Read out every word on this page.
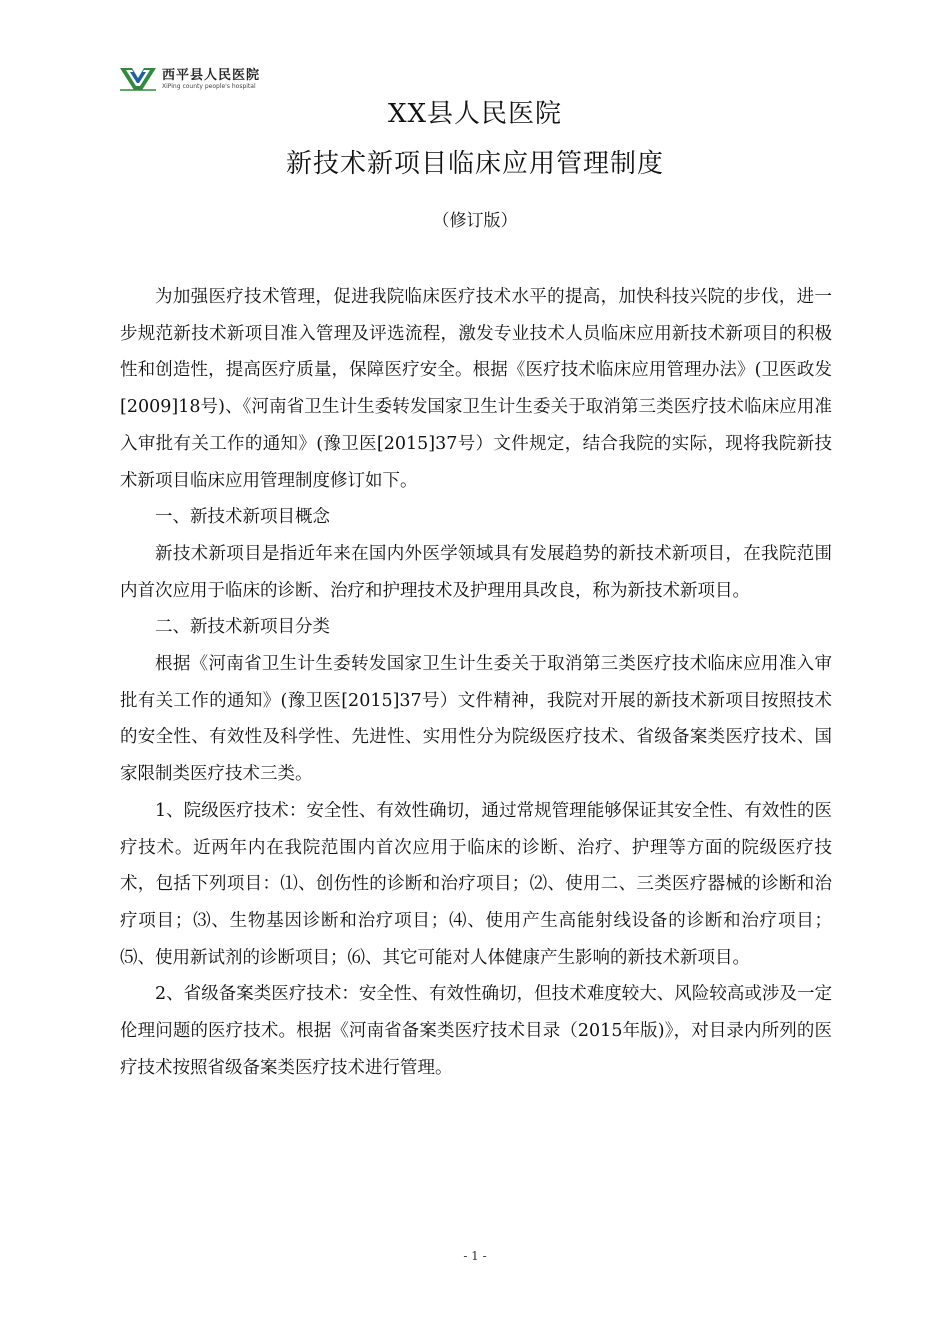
西平县人民医院
XiPing county people's hospital
XX县人民医院
新技术新项目临床应用管理制度
（修订版）

为加强医疗技术管理，促进我院临床医疗技术水平的提高，加快科技兴院的步伐，进一步规范新技术新项目准入管理及评选流程，激发专业技术人员临床应用新技术新项目的积极性和创造性，提高医疗质量，保障医疗安全。根据《医疗技术临床应用管理办法》(卫医政发[2009]18号)、《河南省卫生计生委转发国家卫生计生委关于取消第三类医疗技术临床应用准入审批有关工作的通知》(豫卫医[2015]37号）文件规定，结合我院的实际，现将我院新技术新项目临床应用管理制度修订如下。

一、新技术新项目概念

新技术新项目是指近年来在国内外医学领域具有发展趋势的新技术新项目，在我院范围内首次应用于临床的诊断、治疗和护理技术及护理用具改良，称为新技术新项目。

二、新技术新项目分类

根据《河南省卫生计生委转发国家卫生计生委关于取消第三类医疗技术临床应用准入审批有关工作的通知》(豫卫医[2015]37号）文件精神，我院对开展的新技术新项目按照技术的安全性、有效性及科学性、先进性、实用性分为院级医疗技术、省级备案类医疗技术、国家限制类医疗技术三类。

1、院级医疗技术：安全性、有效性确切，通过常规管理能够保证其安全性、有效性的医疗技术。近两年内在我院范围内首次应用于临床的诊断、治疗、护理等方面的院级医疗技术，包括下列项目：⑴、创伤性的诊断和治疗项目；⑵、使用二、三类医疗器械的诊断和治疗项目；⑶、生物基因诊断和治疗项目；⑷、使用产生高能射线设备的诊断和治疗项目；⑸、使用新试剂的诊断项目；⑹、其它可能对人体健康产生影响的新技术新项目。

2、省级备案类医疗技术：安全性、有效性确切，但技术难度较大、风险较高或涉及一定伦理问题的医疗技术。根据《河南省备案类医疗技术目录（2015年版)》，对目录内所列的医疗技术按照省级备案类医疗技术进行管理。

- 1 -
